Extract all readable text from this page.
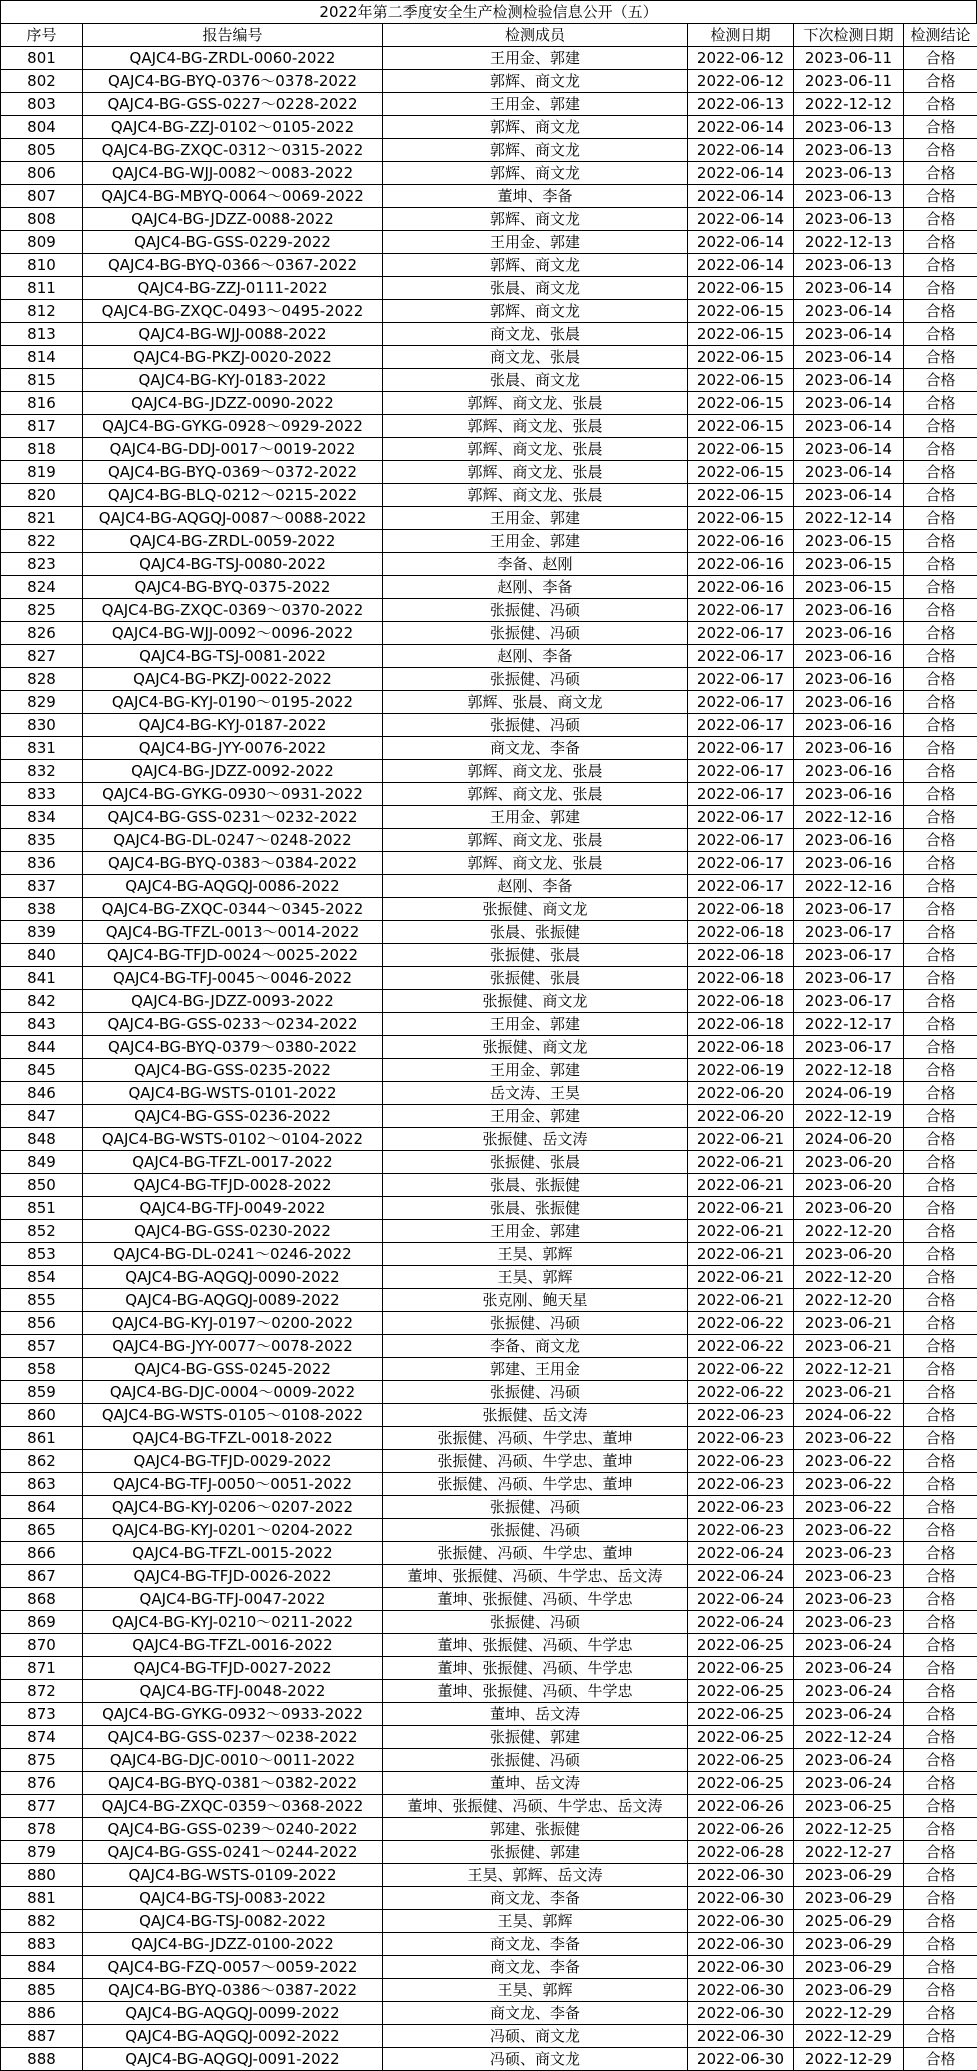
2022年第二季度安全生产检测检验信息公开（五）
序号	报告编号	检测成员	检测日期	下次检测日期	检测结论
801	QAJC4-BG-ZRDL-0060-2022	王用金、郭建	2022-06-12	2023-06-11	合格
802	QAJC4-BG-BYQ-0376～0378-2022	郭辉、商文龙	2022-06-12	2023-06-11	合格
803	QAJC4-BG-GSS-0227～0228-2022	王用金、郭建	2022-06-13	2022-12-12	合格
804	QAJC4-BG-ZZJ-0102～0105-2022	郭辉、商文龙	2022-06-14	2023-06-13	合格
805	QAJC4-BG-ZXQC-0312～0315-2022	郭辉、商文龙	2022-06-14	2023-06-13	合格
806	QAJC4-BG-WJJ-0082～0083-2022	郭辉、商文龙	2022-06-14	2023-06-13	合格
807	QAJC4-BG-MBYQ-0064～0069-2022	董坤、李备	2022-06-14	2023-06-13	合格
808	QAJC4-BG-JDZZ-0088-2022	郭辉、商文龙	2022-06-14	2023-06-13	合格
809	QAJC4-BG-GSS-0229-2022	王用金、郭建	2022-06-14	2022-12-13	合格
810	QAJC4-BG-BYQ-0366～0367-2022	郭辉、商文龙	2022-06-14	2023-06-13	合格
811	QAJC4-BG-ZZJ-0111-2022	张晨、商文龙	2022-06-15	2023-06-14	合格
812	QAJC4-BG-ZXQC-0493～0495-2022	郭辉、商文龙	2022-06-15	2023-06-14	合格
813	QAJC4-BG-WJJ-0088-2022	商文龙、张晨	2022-06-15	2023-06-14	合格
814	QAJC4-BG-PKZJ-0020-2022	商文龙、张晨	2022-06-15	2023-06-14	合格
815	QAJC4-BG-KYJ-0183-2022	张晨、商文龙	2022-06-15	2023-06-14	合格
816	QAJC4-BG-JDZZ-0090-2022	郭辉、商文龙、张晨	2022-06-15	2023-06-14	合格
817	QAJC4-BG-GYKG-0928～0929-2022	郭辉、商文龙、张晨	2022-06-15	2023-06-14	合格
818	QAJC4-BG-DDJ-0017～0019-2022	郭辉、商文龙、张晨	2022-06-15	2023-06-14	合格
819	QAJC4-BG-BYQ-0369～0372-2022	郭辉、商文龙、张晨	2022-06-15	2023-06-14	合格
820	QAJC4-BG-BLQ-0212～0215-2022	郭辉、商文龙、张晨	2022-06-15	2023-06-14	合格
821	QAJC4-BG-AQGQJ-0087～0088-2022	王用金、郭建	2022-06-15	2022-12-14	合格
822	QAJC4-BG-ZRDL-0059-2022	王用金、郭建	2022-06-16	2023-06-15	合格
823	QAJC4-BG-TSJ-0080-2022	李备、赵刚	2022-06-16	2023-06-15	合格
824	QAJC4-BG-BYQ-0375-2022	赵刚、李备	2022-06-16	2023-06-15	合格
825	QAJC4-BG-ZXQC-0369～0370-2022	张振健、冯硕	2022-06-17	2023-06-16	合格
826	QAJC4-BG-WJJ-0092～0096-2022	张振健、冯硕	2022-06-17	2023-06-16	合格
827	QAJC4-BG-TSJ-0081-2022	赵刚、李备	2022-06-17	2023-06-16	合格
828	QAJC4-BG-PKZJ-0022-2022	张振健、冯硕	2022-06-17	2023-06-16	合格
829	QAJC4-BG-KYJ-0190～0195-2022	郭辉、张晨、商文龙	2022-06-17	2023-06-16	合格
830	QAJC4-BG-KYJ-0187-2022	张振健、冯硕	2022-06-17	2023-06-16	合格
831	QAJC4-BG-JYY-0076-2022	商文龙、李备	2022-06-17	2023-06-16	合格
832	QAJC4-BG-JDZZ-0092-2022	郭辉、商文龙、张晨	2022-06-17	2023-06-16	合格
833	QAJC4-BG-GYKG-0930～0931-2022	郭辉、商文龙、张晨	2022-06-17	2023-06-16	合格
834	QAJC4-BG-GSS-0231～0232-2022	王用金、郭建	2022-06-17	2022-12-16	合格
835	QAJC4-BG-DL-0247～0248-2022	郭辉、商文龙、张晨	2022-06-17	2023-06-16	合格
836	QAJC4-BG-BYQ-0383～0384-2022	郭辉、商文龙、张晨	2022-06-17	2023-06-16	合格
837	QAJC4-BG-AQGQJ-0086-2022	赵刚、李备	2022-06-17	2022-12-16	合格
838	QAJC4-BG-ZXQC-0344～0345-2022	张振健、商文龙	2022-06-18	2023-06-17	合格
839	QAJC4-BG-TFZL-0013～0014-2022	张晨、张振健	2022-06-18	2023-06-17	合格
840	QAJC4-BG-TFJD-0024～0025-2022	张振健、张晨	2022-06-18	2023-06-17	合格
841	QAJC4-BG-TFJ-0045～0046-2022	张振健、张晨	2022-06-18	2023-06-17	合格
842	QAJC4-BG-JDZZ-0093-2022	张振健、商文龙	2022-06-18	2023-06-17	合格
843	QAJC4-BG-GSS-0233～0234-2022	王用金、郭建	2022-06-18	2022-12-17	合格
844	QAJC4-BG-BYQ-0379～0380-2022	张振健、商文龙	2022-06-18	2023-06-17	合格
845	QAJC4-BG-GSS-0235-2022	王用金、郭建	2022-06-19	2022-12-18	合格
846	QAJC4-BG-WSTS-0101-2022	岳文涛、王昊	2022-06-20	2024-06-19	合格
847	QAJC4-BG-GSS-0236-2022	王用金、郭建	2022-06-20	2022-12-19	合格
848	QAJC4-BG-WSTS-0102～0104-2022	张振健、岳文涛	2022-06-21	2024-06-20	合格
849	QAJC4-BG-TFZL-0017-2022	张振健、张晨	2022-06-21	2023-06-20	合格
850	QAJC4-BG-TFJD-0028-2022	张晨、张振健	2022-06-21	2023-06-20	合格
851	QAJC4-BG-TFJ-0049-2022	张晨、张振健	2022-06-21	2023-06-20	合格
852	QAJC4-BG-GSS-0230-2022	王用金、郭建	2022-06-21	2022-12-20	合格
853	QAJC4-BG-DL-0241～0246-2022	王昊、郭辉	2022-06-21	2023-06-20	合格
854	QAJC4-BG-AQGQJ-0090-2022	王昊、郭辉	2022-06-21	2022-12-20	合格
855	QAJC4-BG-AQGQJ-0089-2022	张克刚、鲍天星	2022-06-21	2022-12-20	合格
856	QAJC4-BG-KYJ-0197～0200-2022	张振健、冯硕	2022-06-22	2023-06-21	合格
857	QAJC4-BG-JYY-0077～0078-2022	李备、商文龙	2022-06-22	2023-06-21	合格
858	QAJC4-BG-GSS-0245-2022	郭建、王用金	2022-06-22	2022-12-21	合格
859	QAJC4-BG-DJC-0004～0009-2022	张振健、冯硕	2022-06-22	2023-06-21	合格
860	QAJC4-BG-WSTS-0105～0108-2022	张振健、岳文涛	2022-06-23	2024-06-22	合格
861	QAJC4-BG-TFZL-0018-2022	张振健、冯硕、牛学忠、董坤	2022-06-23	2023-06-22	合格
862	QAJC4-BG-TFJD-0029-2022	张振健、冯硕、牛学忠、董坤	2022-06-23	2023-06-22	合格
863	QAJC4-BG-TFJ-0050～0051-2022	张振健、冯硕、牛学忠、董坤	2022-06-23	2023-06-22	合格
864	QAJC4-BG-KYJ-0206～0207-2022	张振健、冯硕	2022-06-23	2023-06-22	合格
865	QAJC4-BG-KYJ-0201～0204-2022	张振健、冯硕	2022-06-23	2023-06-22	合格
866	QAJC4-BG-TFZL-0015-2022	张振健、冯硕、牛学忠、董坤	2022-06-24	2023-06-23	合格
867	QAJC4-BG-TFJD-0026-2022	董坤、张振健、冯硕、牛学忠、岳文涛	2022-06-24	2023-06-23	合格
868	QAJC4-BG-TFJ-0047-2022	董坤、张振健、冯硕、牛学忠	2022-06-24	2023-06-23	合格
869	QAJC4-BG-KYJ-0210～0211-2022	张振健、冯硕	2022-06-24	2023-06-23	合格
870	QAJC4-BG-TFZL-0016-2022	董坤、张振健、冯硕、牛学忠	2022-06-25	2023-06-24	合格
871	QAJC4-BG-TFJD-0027-2022	董坤、张振健、冯硕、牛学忠	2022-06-25	2023-06-24	合格
872	QAJC4-BG-TFJ-0048-2022	董坤、张振健、冯硕、牛学忠	2022-06-25	2023-06-24	合格
873	QAJC4-BG-GYKG-0932～0933-2022	董坤、岳文涛	2022-06-25	2023-06-24	合格
874	QAJC4-BG-GSS-0237～0238-2022	张振健、郭建	2022-06-25	2022-12-24	合格
875	QAJC4-BG-DJC-0010～0011-2022	张振健、冯硕	2022-06-25	2023-06-24	合格
876	QAJC4-BG-BYQ-0381～0382-2022	董坤、岳文涛	2022-06-25	2023-06-24	合格
877	QAJC4-BG-ZXQC-0359～0368-2022	董坤、张振健、冯硕、牛学忠、岳文涛	2022-06-26	2023-06-25	合格
878	QAJC4-BG-GSS-0239～0240-2022	郭建、张振健	2022-06-26	2022-12-25	合格
879	QAJC4-BG-GSS-0241～0244-2022	张振健、郭建	2022-06-28	2022-12-27	合格
880	QAJC4-BG-WSTS-0109-2022	王昊、郭辉、岳文涛	2022-06-30	2023-06-29	合格
881	QAJC4-BG-TSJ-0083-2022	商文龙、李备	2022-06-30	2023-06-29	合格
882	QAJC4-BG-TSJ-0082-2022	王昊、郭辉	2022-06-30	2025-06-29	合格
883	QAJC4-BG-JDZZ-0100-2022	商文龙、李备	2022-06-30	2023-06-29	合格
884	QAJC4-BG-FZQ-0057～0059-2022	商文龙、李备	2022-06-30	2023-06-29	合格
885	QAJC4-BG-BYQ-0386～0387-2022	王昊、郭辉	2022-06-30	2023-06-29	合格
886	QAJC4-BG-AQGQJ-0099-2022	商文龙、李备	2022-06-30	2022-12-29	合格
887	QAJC4-BG-AQGQJ-0092-2022	冯硕、商文龙	2022-06-30	2022-12-29	合格
888	QAJC4-BG-AQGQJ-0091-2022	冯硕、商文龙	2022-06-30	2022-12-29	合格
